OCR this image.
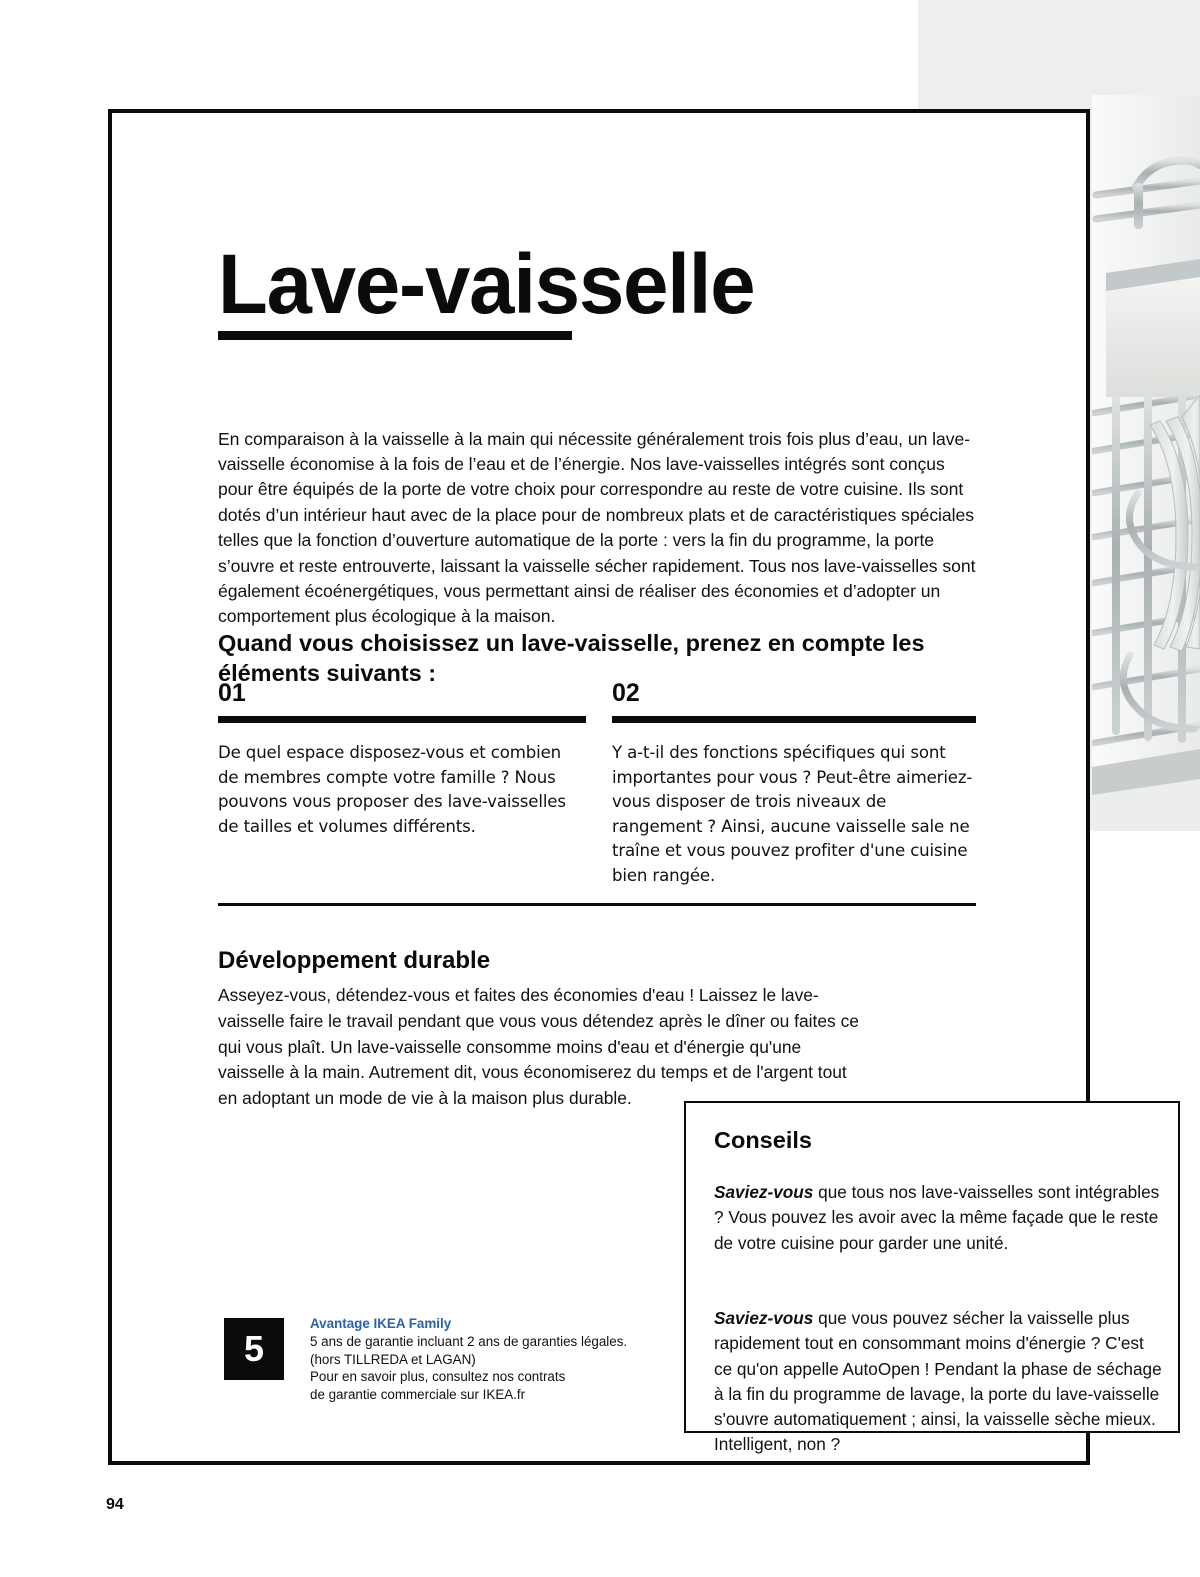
Lave-vaisselle

En comparaison à la vaisselle à la main qui nécessite généralement trois fois plus d’eau, un lave-vaisselle économise à la fois de l’eau et de l’énergie. Nos lave-vaisselles intégrés sont conçus pour être équipés de la porte de votre choix pour correspondre au reste de votre cuisine. Ils sont dotés d’un intérieur haut avec de la place pour de nombreux plats et de caractéristiques spéciales telles que la fonction d’ouverture automatique de la porte : vers la fin du programme, la porte s’ouvre et reste entrouverte, laissant la vaisselle sécher rapidement. Tous nos lave-vaisselles sont également écoénergétiques, vous permettant ainsi de réaliser des économies et d’adopter un comportement plus écologique à la maison.

Quand vous choisissez un lave-vaisselle, prenez en compte les éléments suivants :
01
De quel espace disposez-vous et combien de membres compte votre famille ? Nous pouvons vous proposer des lave-vaisselles de tailles et volumes différents.
02
Y a-t-il des fonctions spécifiques qui sont importantes pour vous ? Peut-être aimeriez-vous disposer de trois niveaux de rangement ? Ainsi, aucune vaisselle sale ne traîne et vous pouvez profiter d'une cuisine bien rangée.
Développement durable

Asseyez-vous, détendez-vous et faites des économies d'eau ! Laissez le lave-vaisselle faire le travail pendant que vous vous détendez après le dîner ou faites ce qui vous plaît. Un lave-vaisselle consomme moins d'eau et d'énergie qu'une vaisselle à la main. Autrement dit, vous économiserez du temps et de l'argent tout en adoptant un mode de vie à la maison plus durable.

5
Avantage IKEA Family
5 ans de garantie incluant 2 ans de garanties légales.
(hors TILLREDA et LAGAN)
Pour en savoir plus, consultez nos contrats
de garantie commerciale sur IKEA.fr
Conseils

Saviez-vous que tous nos lave-vaisselles sont intégrables ? Vous pouvez les avoir avec la même façade que le reste de votre cuisine pour garder une unité.

Saviez-vous que vous pouvez sécher la vaisselle plus rapidement tout en consommant moins d'énergie ? C'est ce qu'on appelle AutoOpen ! Pendant la phase de séchage à la fin du programme de lavage, la porte du lave-vaisselle s'ouvre automatiquement ; ainsi, la vaisselle sèche mieux. Intelligent, non ?

94
